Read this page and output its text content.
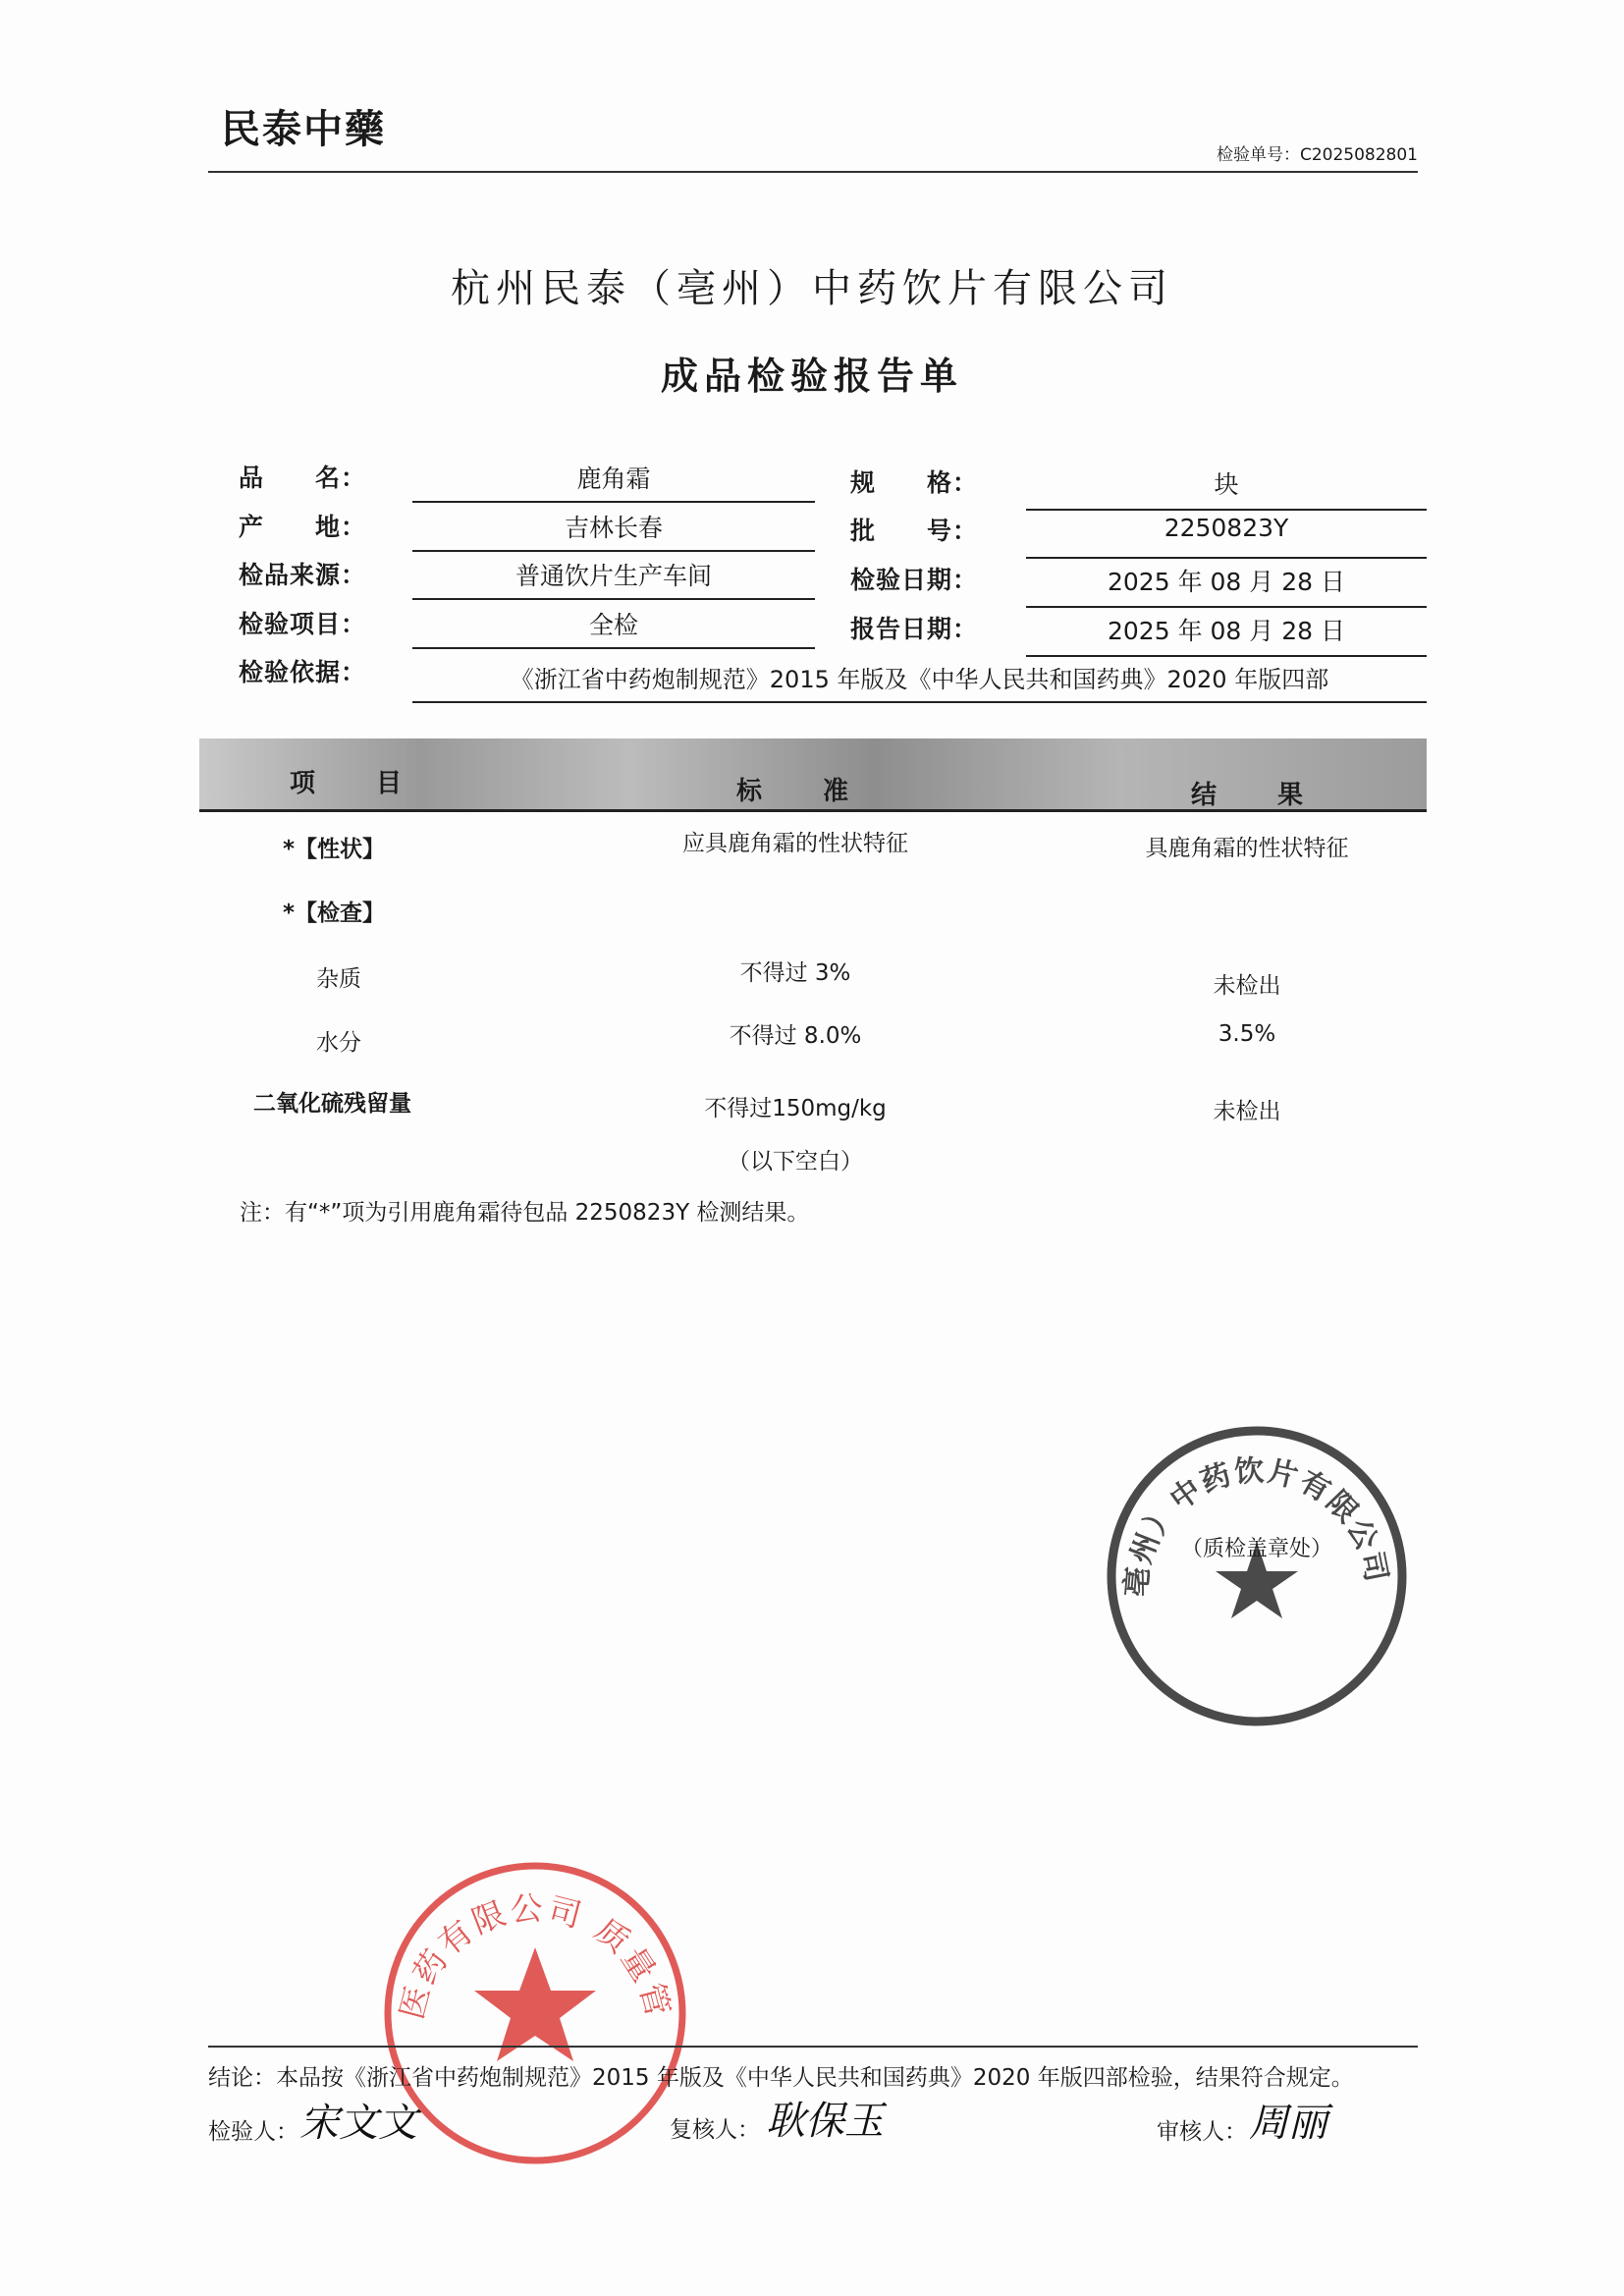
民泰中藥
检验单号：C2025082801
杭州民泰（亳州）中药饮片有限公司
成品检验报告单
品　　名：	鹿角霜
产　　地：	吉林长春
检品来源：	普通饮片生产车间
检验项目：	全检
规　　格：	块
批　　号：	2250823Y
检验日期：	2025 年 08 月 28 日
报告日期：	2025 年 08 月 28 日
检验依据：	《浙江省中药炮制规范》2015 年版及《中华人民共和国药典》2020 年版四部
项　目	标　准	结　果
*【性状】	应具鹿角霜的性状特征	具鹿角霜的性状特征
*【检查】
杂质	不得过 3%	未检出
水分	不得过 8.0%	3.5%
二氧化硫残留量	不得过150mg/kg	未检出
（以下空白）
注：有“*”项为引用鹿角霜待包品 2250823Y 检测结果。
亳州）中药饮片有限公司
（质检盖章处）
医药有限公司 质量管
结论：本品按《浙江省中药炮制规范》2015 年版及《中华人民共和国药典》2020 年版四部检验，结果符合规定。
检验人： 宋文文	复核人： 耿保玉	审核人： 周丽
